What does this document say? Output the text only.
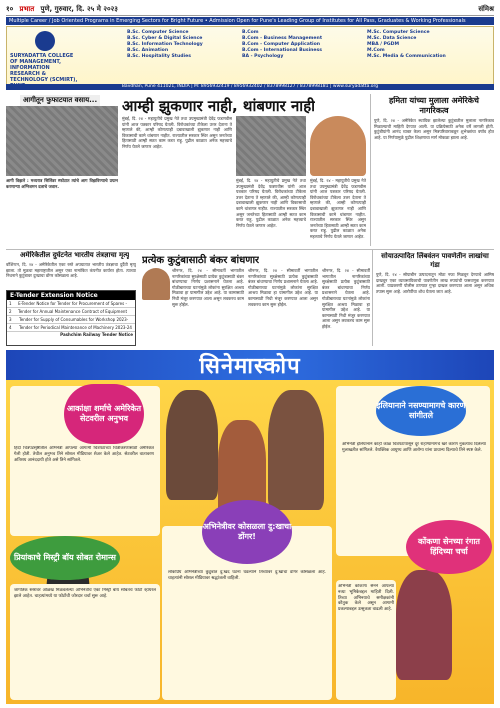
१० प्रभात पुणे, गुरुवार, दि. २५ मे २०२३	संमिश्र
Multiple Career / Job Oriented Programs in Emerging Sectors for Bright Future • Admission Open for Pune's Leading Group of Institutes for All Pass, Graduates & Working Professionals
SURYADATTA COLLEGE OF MANAGEMENT, INFORMATION RESEARCH & TECHNOLOGY (SCMIRT),
B.Sc. Computer Science
B.Sc. Cyber & Digital Science
B.Sc. Information Technology
B.Sc. Animation
B.Sc. Hospitality Studies
B.Com
B.Com - Business Management
B.Com - Computer Application
B.Com - International Business
BA - Psychology
M.Sc. Computer Science
M.Sc. Data Science
MBA / PGDM
M.Com
M.Sc. Media & Communication
Bavdhan, Pune 411021, INDIA | M: 8956932419 / 8956932402 / 8378998127 / 8378998181 | www.suryadatta.org
आगीतून फुफाटयात वसाय...
आगी विझले : मध्यरात्र सिलिंडर स्फोटात त्यांचे आग विझविण्याचे प्रयत्न करणाऱ्या अग्निशमन दलाचे जवान.
आम्ही झुकणार नाही, थांबणार नाही
मुंबई, दि. २४ - महायुतीचे प्रमुख नेते तथा उपमुख्यमंत्री देवेंद्र फडणवीस यांनी आज पत्रकार परिषद घेतली. विरोधकांच्या टीकेला उत्तर देताना ते म्हणाले की, आम्ही कोणत्याही दबावाखाली झुकणार नाही आणि विकासाची कामे थांबणार नाहीत. राज्यातील सरकार स्थिर असून जनतेच्या हितासाठी आम्ही सतत काम करत राहू. पुढील काळात अनेक महत्त्वाचे निर्णय घेतले जाणार आहेत.
मुंबई, दि. २४ - महायुतीचे प्रमुख नेते तथा उपमुख्यमंत्री देवेंद्र फडणवीस यांनी आज पत्रकार परिषद घेतली. विरोधकांच्या टीकेला उत्तर देताना ते म्हणाले की, आम्ही कोणत्याही दबावाखाली झुकणार नाही आणि विकासाची कामे थांबणार नाहीत. राज्यातील सरकार स्थिर असून जनतेच्या हितासाठी आम्ही सतत काम करत राहू. पुढील काळात अनेक महत्त्वाचे निर्णय घेतले जाणार आहेत.
मुंबई, दि. २४ - महायुतीचे प्रमुख नेते तथा उपमुख्यमंत्री देवेंद्र फडणवीस यांनी आज पत्रकार परिषद घेतली. विरोधकांच्या टीकेला उत्तर देताना ते म्हणाले की, आम्ही कोणत्याही दबावाखाली झुकणार नाही आणि विकासाची कामे थांबणार नाहीत. राज्यातील सरकार स्थिर असून जनतेच्या हितासाठी आम्ही सतत काम करत राहू. पुढील काळात अनेक महत्त्वाचे निर्णय घेतले जाणार आहेत.
हमिता यांच्या मुलाला अमेरिकेचे नागरिकत्व
पुणे, दि. २४ - अमेरिकेत स्थायिक झालेल्या कुटुंबातील मुलाला नागरिकत्व मिळाल्याची माहिती देण्यात आली. या प्रक्रियेसाठी अनेक वर्षे लागली होती. कुटुंबीयांनी आनंद व्यक्त केला असून मित्रपरिवाराकडून शुभेच्छांचा वर्षाव होत आहे. या निर्णयामुळे पुढील शिक्षणाचा मार्ग मोकळा झाला आहे.
अमेरिकेतील दुर्घटनेत भारतीय तंत्रज्ञाचा मृत्यू
E-Tender Extension Notice
1	E-Tender Notice for Tender for Procurement of Spares -
2	Tender for Annual Maintenance Contract of Equipment
3	Tender for Supply of Consumables for Workshop 2023-
4	Tender for Periodical Maintenance of Machinery 2023-24
Pashchim Railway Tender Notice
वॉशिंग्टन, दि. २४ - अमेरिकेतील एका रस्ते अपघातात भारतीय तंत्रज्ञाचा दुर्दैवी मृत्यू झाला. तो मूळचा महाराष्ट्रातील असून एका नामांकित कंपनीत कार्यरत होता. त्याच्या निधनाने कुटुंबावर दुःखाचा डोंगर कोसळला आहे.
प्रत्येक कुटुंबासाठी बंकर बांधणार
श्रीनगर, दि. २४ - सीमावर्ती भागातील नागरिकांच्या सुरक्षेसाठी प्रत्येक कुटुंबासाठी बंकर बांधण्याचा निर्णय प्रशासनाने घेतला आहे. गोळीबाराच्या घटनांमुळे लोकांना सुरक्षित आश्रय मिळावा हा यामागील उद्देश आहे. या कामासाठी निधी मंजूर करण्यात आला असून लवकरच काम सुरू होईल.
श्रीनगर, दि. २४ - सीमावर्ती भागातील नागरिकांच्या सुरक्षेसाठी प्रत्येक कुटुंबासाठी बंकर बांधण्याचा निर्णय प्रशासनाने घेतला आहे. गोळीबाराच्या घटनांमुळे लोकांना सुरक्षित आश्रय मिळावा हा यामागील उद्देश आहे. या कामासाठी निधी मंजूर करण्यात आला असून लवकरच काम सुरू होईल.
श्रीनगर, दि. २४ - सीमावर्ती भागातील नागरिकांच्या सुरक्षेसाठी प्रत्येक कुटुंबासाठी बंकर बांधण्याचा निर्णय प्रशासनाने घेतला आहे. गोळीबाराच्या घटनांमुळे लोकांना सुरक्षित आश्रय मिळावा हा यामागील उद्देश आहे. या कामासाठी निधी मंजूर करण्यात आला असून लवकरच काम सुरू होईल.
सोयाउत्पादित लिंबवंतन पावणेतीन लाखांचा गंडा
पुणे, दि. २४ - सोयाबीन उत्पादनातून मोठा नफा मिळवून देण्याचे आमिष दाखवून एका व्यावसायिकाची पावणेतीन लाख रुपयांची फसवणूक करण्यात आली. याप्रकरणी पोलीस ठाण्यात गुन्हा दाखल करण्यात आला असून अधिक तपास सुरू आहे. आरोपींचा शोध घेतला जात आहे.
सिनेमास्कोप
आकांक्षा शर्माचे अमेरिकेत सेटवरील अनुभव
हिंदी चित्रपटसृष्टीतील अभिनेत्री आपल्या आगामी चित्रपटाच्या चित्रीकरणासाठी अमेरिकेत गेली होती. तेथील अनुभव तिने सोशल मीडियावर शेअर केले आहेत. सेटवरील वातावरण अतिशय आनंददायी होते असे तिने सांगितले.
इलियानाने नसण्यामागचे कारण सांगीतले
अभिनेत्री इलियानाने काही काळ चित्रपटांपासून दूर राहण्यामागचे खरे कारण नुकत्याच दिलेल्या मुलाखतीत सांगितले. वैयक्तिक आयुष्य आणि आरोग्य यांना प्राधान्य दिल्याचे तिने स्पष्ट केले.
अभिनेत्रीवर कोसळला दु:खाचा डोंगर!
लोकप्रिय अभिनेत्रीच्या कुटुंबात दु:खद घटना घडल्याने तिच्यावर दु:खाचा डोंगर कोसळला आहे. चाहत्यांनी सोशल मीडियावर श्रद्धांजली वाहिली.
प्रियांकाचे मिस्ट्री बॉय सोबत रोमान्स
जागतिक स्तरावर ओळख मिळवलेल्या अभिनेत्रीचे एका मिस्ट्री बॉय सोबतचे फोटो व्हायरल झाले आहेत. चाहत्यांमध्ये या फोटोंची जोरदार चर्चा सुरू आहे.
कोंकणा सेनच्या रंगात हिंदिच्या चर्चा
अभिनेत्री कोंकणा सेनने आपल्या नव्या भूमिकेबद्दल माहिती दिली. तिच्या अभिनयाचे समीक्षकांनी कौतुक केले असून आगामी प्रकल्पाबद्दल उत्सुकता वाढली आहे.
